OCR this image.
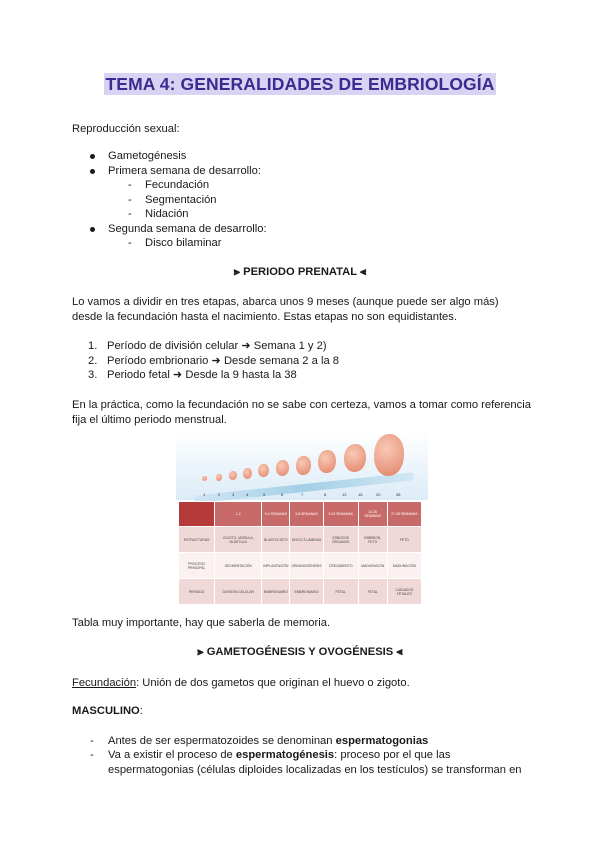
TEMA 4: GENERALIDADES DE EMBRIOLOGÍA
Reproducción sexual:
Gametogénesis
Primera semana de desarrollo:
- Fecundación
- Segmentación
- Nidación
Segunda semana de desarrollo:
- Disco bilaminar
⫸ PERIODO PRENATAL ⫷
Lo vamos a dividir en tres etapas, abarca unos 9 meses (aunque puede ser algo más)
desde la fecundación hasta el nacimiento. Estas etapas no son equidistantes.
1. Período de división celular ➜ Semana 1 y 2)
2. Período embrionario ➜ Desde semana 2 a la 8
3. Periodo fetal ➜ Desde la 9 hasta la 38
En la práctica, como la fecundación no se sabe con certeza, vamos a tomar como referencia
fija el último periodo menstrual.
1	2	3	4	5	6	7	8	12	16	20	38
	1-2	3-4 SEMANAS	5-8 SEMANAS	9-12 SEMANAS	13-26 SEMANAS	27-38 SEMANAS
ESTRUCTURAS	CIGOTO, MÓRULA, BLÁSTULA	BLASTOCISTO	DISCO 3 LÁMINAS	ESBOZOS ÓRGANOS	EMBRIÓN, FETO	FETO
PROCESO PRINCIPAL	SEGMENTACIÓN	IMPLANTACIÓN	ORGANOGÉNESIS	CRECIMIENTO	MADURACIÓN	MADURACIÓN
PERIODO	DIVISIÓN CELULAR	EMBRIONARIO	EMBRIONARIO	FETAL	FETAL	CUIDADOS FETALES
Tabla muy importante, hay que saberla de memoria.
⫸ GAMETOGÉNESIS Y OVOGÉNESIS ⫷
Fecundación: Unión de dos gametos que originan el huevo o zigoto.
MASCULINO:
- Antes de ser espermatozoides se denominan espermatogonias
- Va a existir el proceso de espermatogénesis: proceso por el que las
espermatogonias (células diploides localizadas en los testículos) se transforman en
